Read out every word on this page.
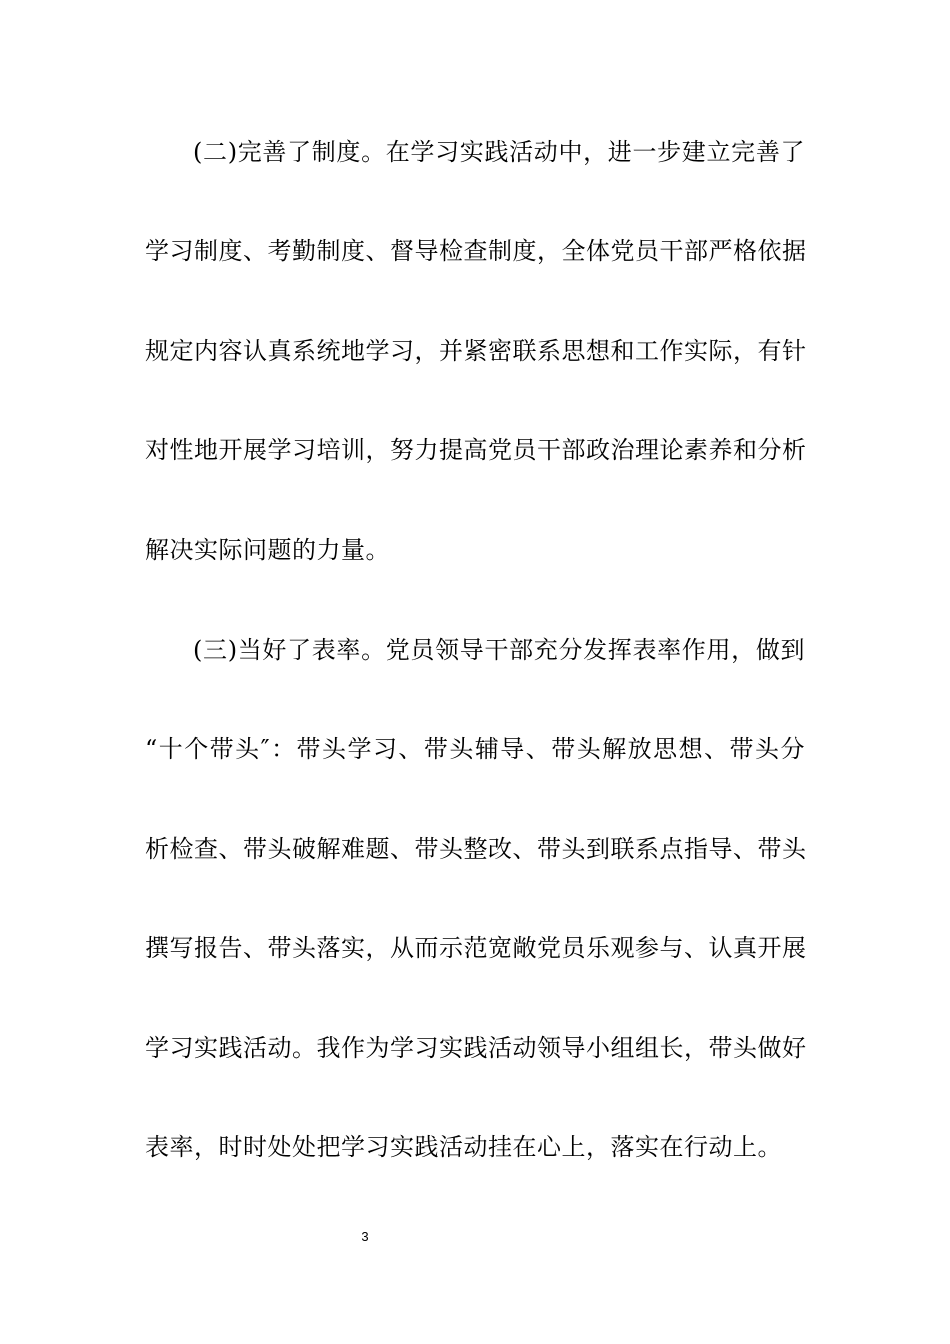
(二)完善了制度。在学习实践活动中，进一步建立完善了
学习制度、考勤制度、督导检查制度，全体党员干部严格依据
规定内容认真系统地学习，并紧密联系思想和工作实际，有针
对性地开展学习培训，努力提高党员干部政治理论素养和分析
解决实际问题的力量。
(三)当好了表率。党员领导干部充分发挥表率作用，做到
“十个带头″：带头学习、带头辅导、带头解放思想、带头分
析检查、带头破解难题、带头整改、带头到联系点指导、带头
撰写报告、带头落实，从而示范宽敞党员乐观参与、认真开展
学习实践活动。我作为学习实践活动领导小组组长，带头做好
表率，时时处处把学习实践活动挂在心上，落实在行动上。
3
